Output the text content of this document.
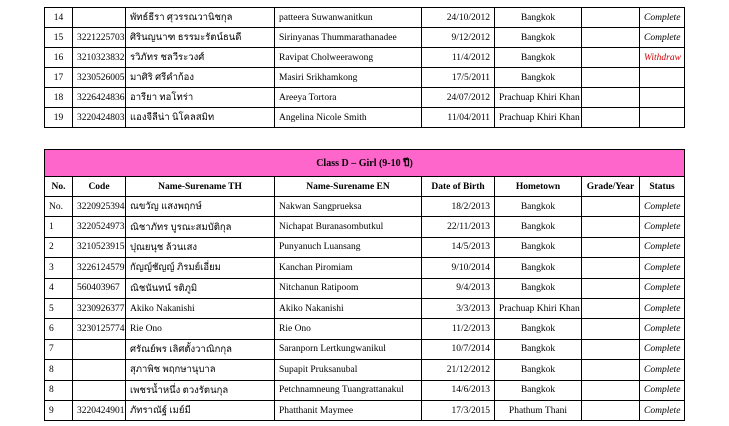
14		พัทธ์ธีรา ศุวรรณวานิชกุล	patteera Suwanwanitkun	24/10/2012	Bangkok		Complete
15	3221225703	ศิรินญนาฑ ธรรมะรัตน์ธนดี	Sirinyanas Thummarathanadee	9/12/2012	Bangkok		Complete
16	3210323832	รวิภัทร ชลวีระวงศ์	Ravipat Cholweerawong	11/4/2012	Bangkok		Withdraw
17	3230526005	มาศิริ ศรีคำก้อง	Masiri Srikhamkong	17/5/2011	Bangkok		
18	3226424836	อารียา ทอโทร่า	Areeya Tortora	24/07/2012	Prachuap Khiri Khan		
19	3220424803	แองจีลีน่า นิโคลสมิท	Angelina Nicole Smith	11/04/2011	Prachuap Khiri Khan		
Class D – Girl (9-10 ปี)							
No.	Code	Name-Surename TH	Name-Surename EN	Date of Birth	Hometown	Grade/Year	Status
No.	3220925394	ณขวัญ แสงพฤกษ์	Nakwan Sangprueksa	18/2/2013	Bangkok		Complete
1	3220524973	ณิชาภัทร บูรณะสมบัติกุล	Nichapat Buranasombutkul	22/11/2013	Bangkok		Complete
2	3210523915	ปุณยนุช ล้วนเสง	Punyanuch Luansang	14/5/2013	Bangkok		Complete
3	3226124579	กัญญ์ชัญญ์ ภิรมย์เอี่ยม	Kanchan Piromiam	9/10/2014	Bangkok		Complete
4	560403967	ณิชนันทน์ รติภูมิ	Nitchanun Ratipoom	9/4/2013	Bangkok		Complete
5	3230926377	Akiko Nakanishi	Akiko Nakanishi	3/3/2013	Prachuap Khiri Khan		Complete
6	3230125774	Rie Ono	Rie Ono	11/2/2013	Bangkok		Complete
7		ศรัณย์พร เลิศตั้งวาณิกกุล	Saranporn Lertkungwanikul	10/7/2014	Bangkok		Complete
8		สุภาพิช พฤกษานุบาล	Supapit Pruksanubal	21/12/2012	Bangkok		Complete
8		เพชรน้ำหนึ่ง ตวงรัตนกุล	Petchnamneung Tuangrattanakul	14/6/2013	Bangkok		Complete
9	3220424901	ภัทราณัฐ์ เมย์มี	Phatthanit Maymee	17/3/2015	Phathum Thani		Complete
